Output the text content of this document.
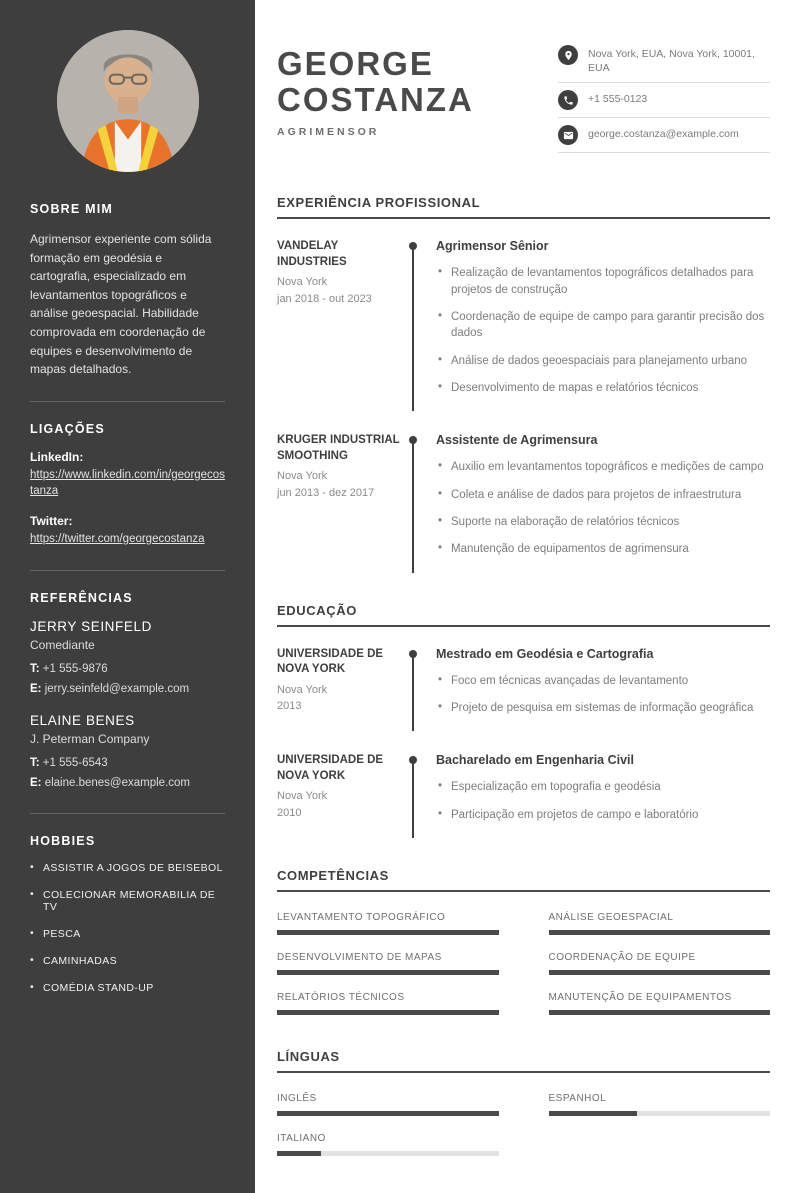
SOBRE MIM

Agrimensor experiente com sólida formação em geodésia e cartografia, especializado em levantamentos topográficos e análise geoespacial. Habilidade comprovada em coordenação de equipes e desenvolvimento de mapas detalhados.

LIGAÇÕES
LinkedIn:
https://www.linkedin.com/in/georgecostanza
Twitter:
https://twitter.com/georgecostanza
REFERÊNCIAS
JERRY SEINFELD
Comediante
T: +1 555-9876
E: jerry.seinfeld@example.com
ELAINE BENES
J. Peterman Company
T: +1 555-6543
E: elaine.benes@example.com
HOBBIES
• ASSISTIR A JOGOS DE BEISEBOL
• COLECIONAR MEMORABILIA DE TV
• PESCA
• CAMINHADAS
• COMÉDIA STAND-UP
GEORGE
COSTANZA
AGRIMENSOR
Nova York, EUA, Nova York, 10001, EUA
+1 555-0123
george.costanza@example.com
EXPERIÊNCIA PROFISSIONAL
VANDELAY INDUSTRIES
Nova York
jan 2018 - out 2023
Agrimensor Sênior
• Realização de levantamentos topográficos detalhados para projetos de construção
• Coordenação de equipe de campo para garantir precisão dos dados
• Análise de dados geoespaciais para planejamento urbano
• Desenvolvimento de mapas e relatórios técnicos
KRUGER INDUSTRIAL SMOOTHING
Nova York
jun 2013 - dez 2017
Assistente de Agrimensura
• Auxilio em levantamentos topográficos e medições de campo
• Coleta e análise de dados para projetos de infraestrutura
• Suporte na elaboração de relatórios técnicos
• Manutenção de equipamentos de agrimensura
EDUCAÇÃO
UNIVERSIDADE DE NOVA YORK
Nova York
2013
Mestrado em Geodésia e Cartografia
• Foco em técnicas avançadas de levantamento
• Projeto de pesquisa em sistemas de informação geográfica
UNIVERSIDADE DE NOVA YORK
Nova York
2010
Bacharelado em Engenharia Civil
• Especialização em topografia e geodésia
• Participação em projetos de campo e laboratório
COMPETÊNCIAS
LEVANTAMENTO TOPOGRÁFICO	ANÁLISE GEOESPACIAL
DESENVOLVIMENTO DE MAPAS	COORDENAÇÃO DE EQUIPE
RELATÓRIOS TÉCNICOS	MANUTENÇÃO DE EQUIPAMENTOS
LÍNGUAS
INGLÊS	ESPANHOL
ITALIANO
